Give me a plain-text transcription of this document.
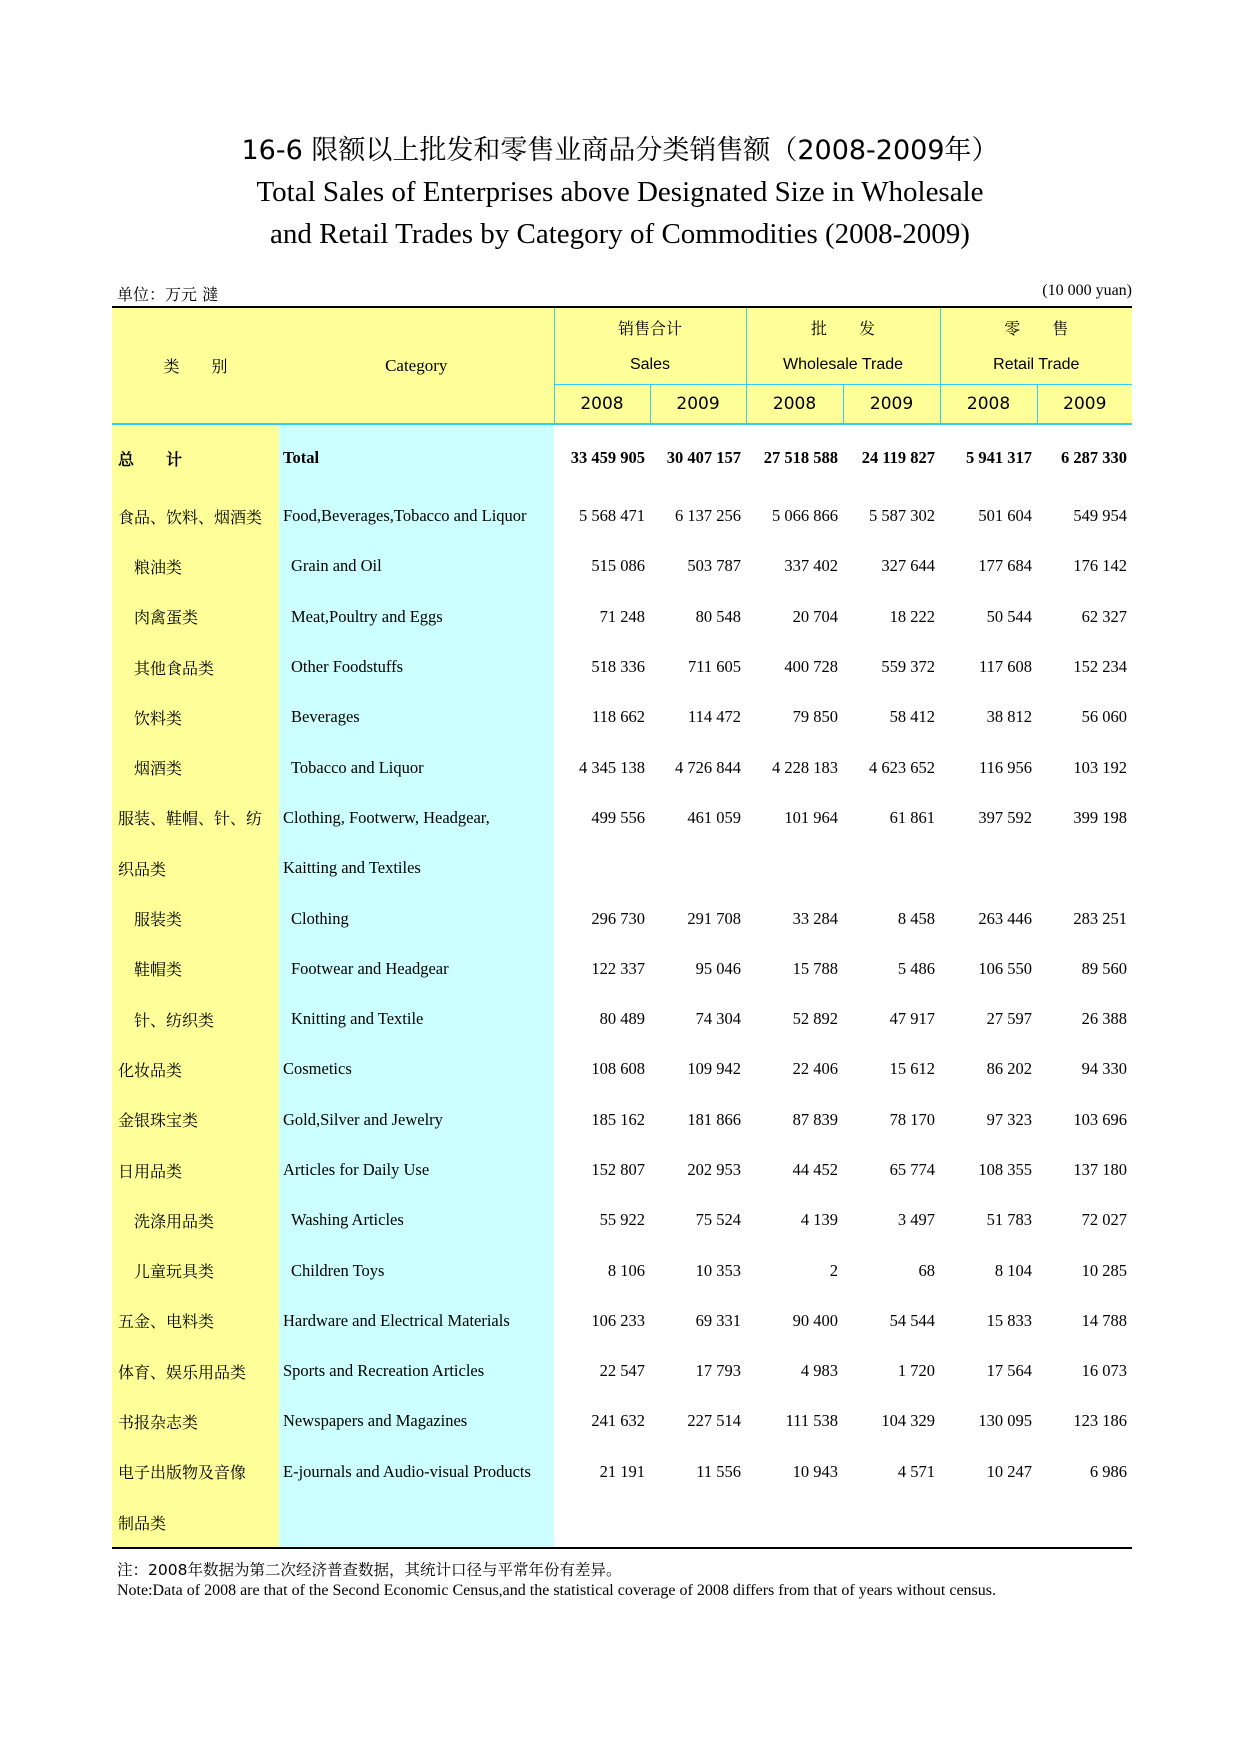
16-6 限额以上批发和零售业商品分类销售额（2008-2009年）
Total Sales of Enterprises above Designated Size in Wholesale
and Retail Trades by Category of Commodities (2008-2009)
单位：万元 澾	(10 000 yuan)
类　　别	Category	销售合计		批　　发		零　　售	
		Sales		Wholesale Trade		Retail Trade	
		2008	2009	2008	2009	2008	2009
总　　计	Total	33 459 905	30 407 157	27 518 588	24 119 827	5 941 317	6 287 330
食品、饮料、烟酒类	Food,Beverages,Tobacco and Liquor	5 568 471	6 137 256	5 066 866	5 587 302	501 604	549 954
粮油类	Grain and Oil	515 086	503 787	337 402	327 644	177 684	176 142
肉禽蛋类	Meat,Poultry and Eggs	71 248	80 548	20 704	18 222	50 544	62 327
其他食品类	Other Foodstuffs	518 336	711 605	400 728	559 372	117 608	152 234
饮料类	Beverages	118 662	114 472	79 850	58 412	38 812	56 060
烟酒类	Tobacco and Liquor	4 345 138	4 726 844	4 228 183	4 623 652	116 956	103 192
服装、鞋帽、针、纺	Clothing, Footwerw, Headgear,	499 556	461 059	101 964	61 861	397 592	399 198
织品类	Kaitting and Textiles						
服装类	Clothing	296 730	291 708	33 284	8 458	263 446	283 251
鞋帽类	Footwear and Headgear	122 337	95 046	15 788	5 486	106 550	89 560
针、纺织类	Knitting and Textile	80 489	74 304	52 892	47 917	27 597	26 388
化妆品类	Cosmetics	108 608	109 942	22 406	15 612	86 202	94 330
金银珠宝类	Gold,Silver and Jewelry	185 162	181 866	87 839	78 170	97 323	103 696
日用品类	Articles for Daily Use	152 807	202 953	44 452	65 774	108 355	137 180
洗涤用品类	Washing Articles	55 922	75 524	4 139	3 497	51 783	72 027
儿童玩具类	Children Toys	8 106	10 353	2	68	8 104	10 285
五金、电料类	Hardware and Electrical Materials	106 233	69 331	90 400	54 544	15 833	14 788
体育、娱乐用品类	Sports and Recreation Articles	22 547	17 793	4 983	1 720	17 564	16 073
书报杂志类	Newspapers and Magazines	241 632	227 514	111 538	104 329	130 095	123 186
电子出版物及音像	E-journals and Audio-visual Products	21 191	11 556	10 943	4 571	10 247	6 986
制品类							
注：2008年数据为第二次经济普查数据，其统计口径与平常年份有差异。
Note:Data of 2008 are that of the Second Economic Census,and the statistical coverage of 2008 differs from that of years without census.
